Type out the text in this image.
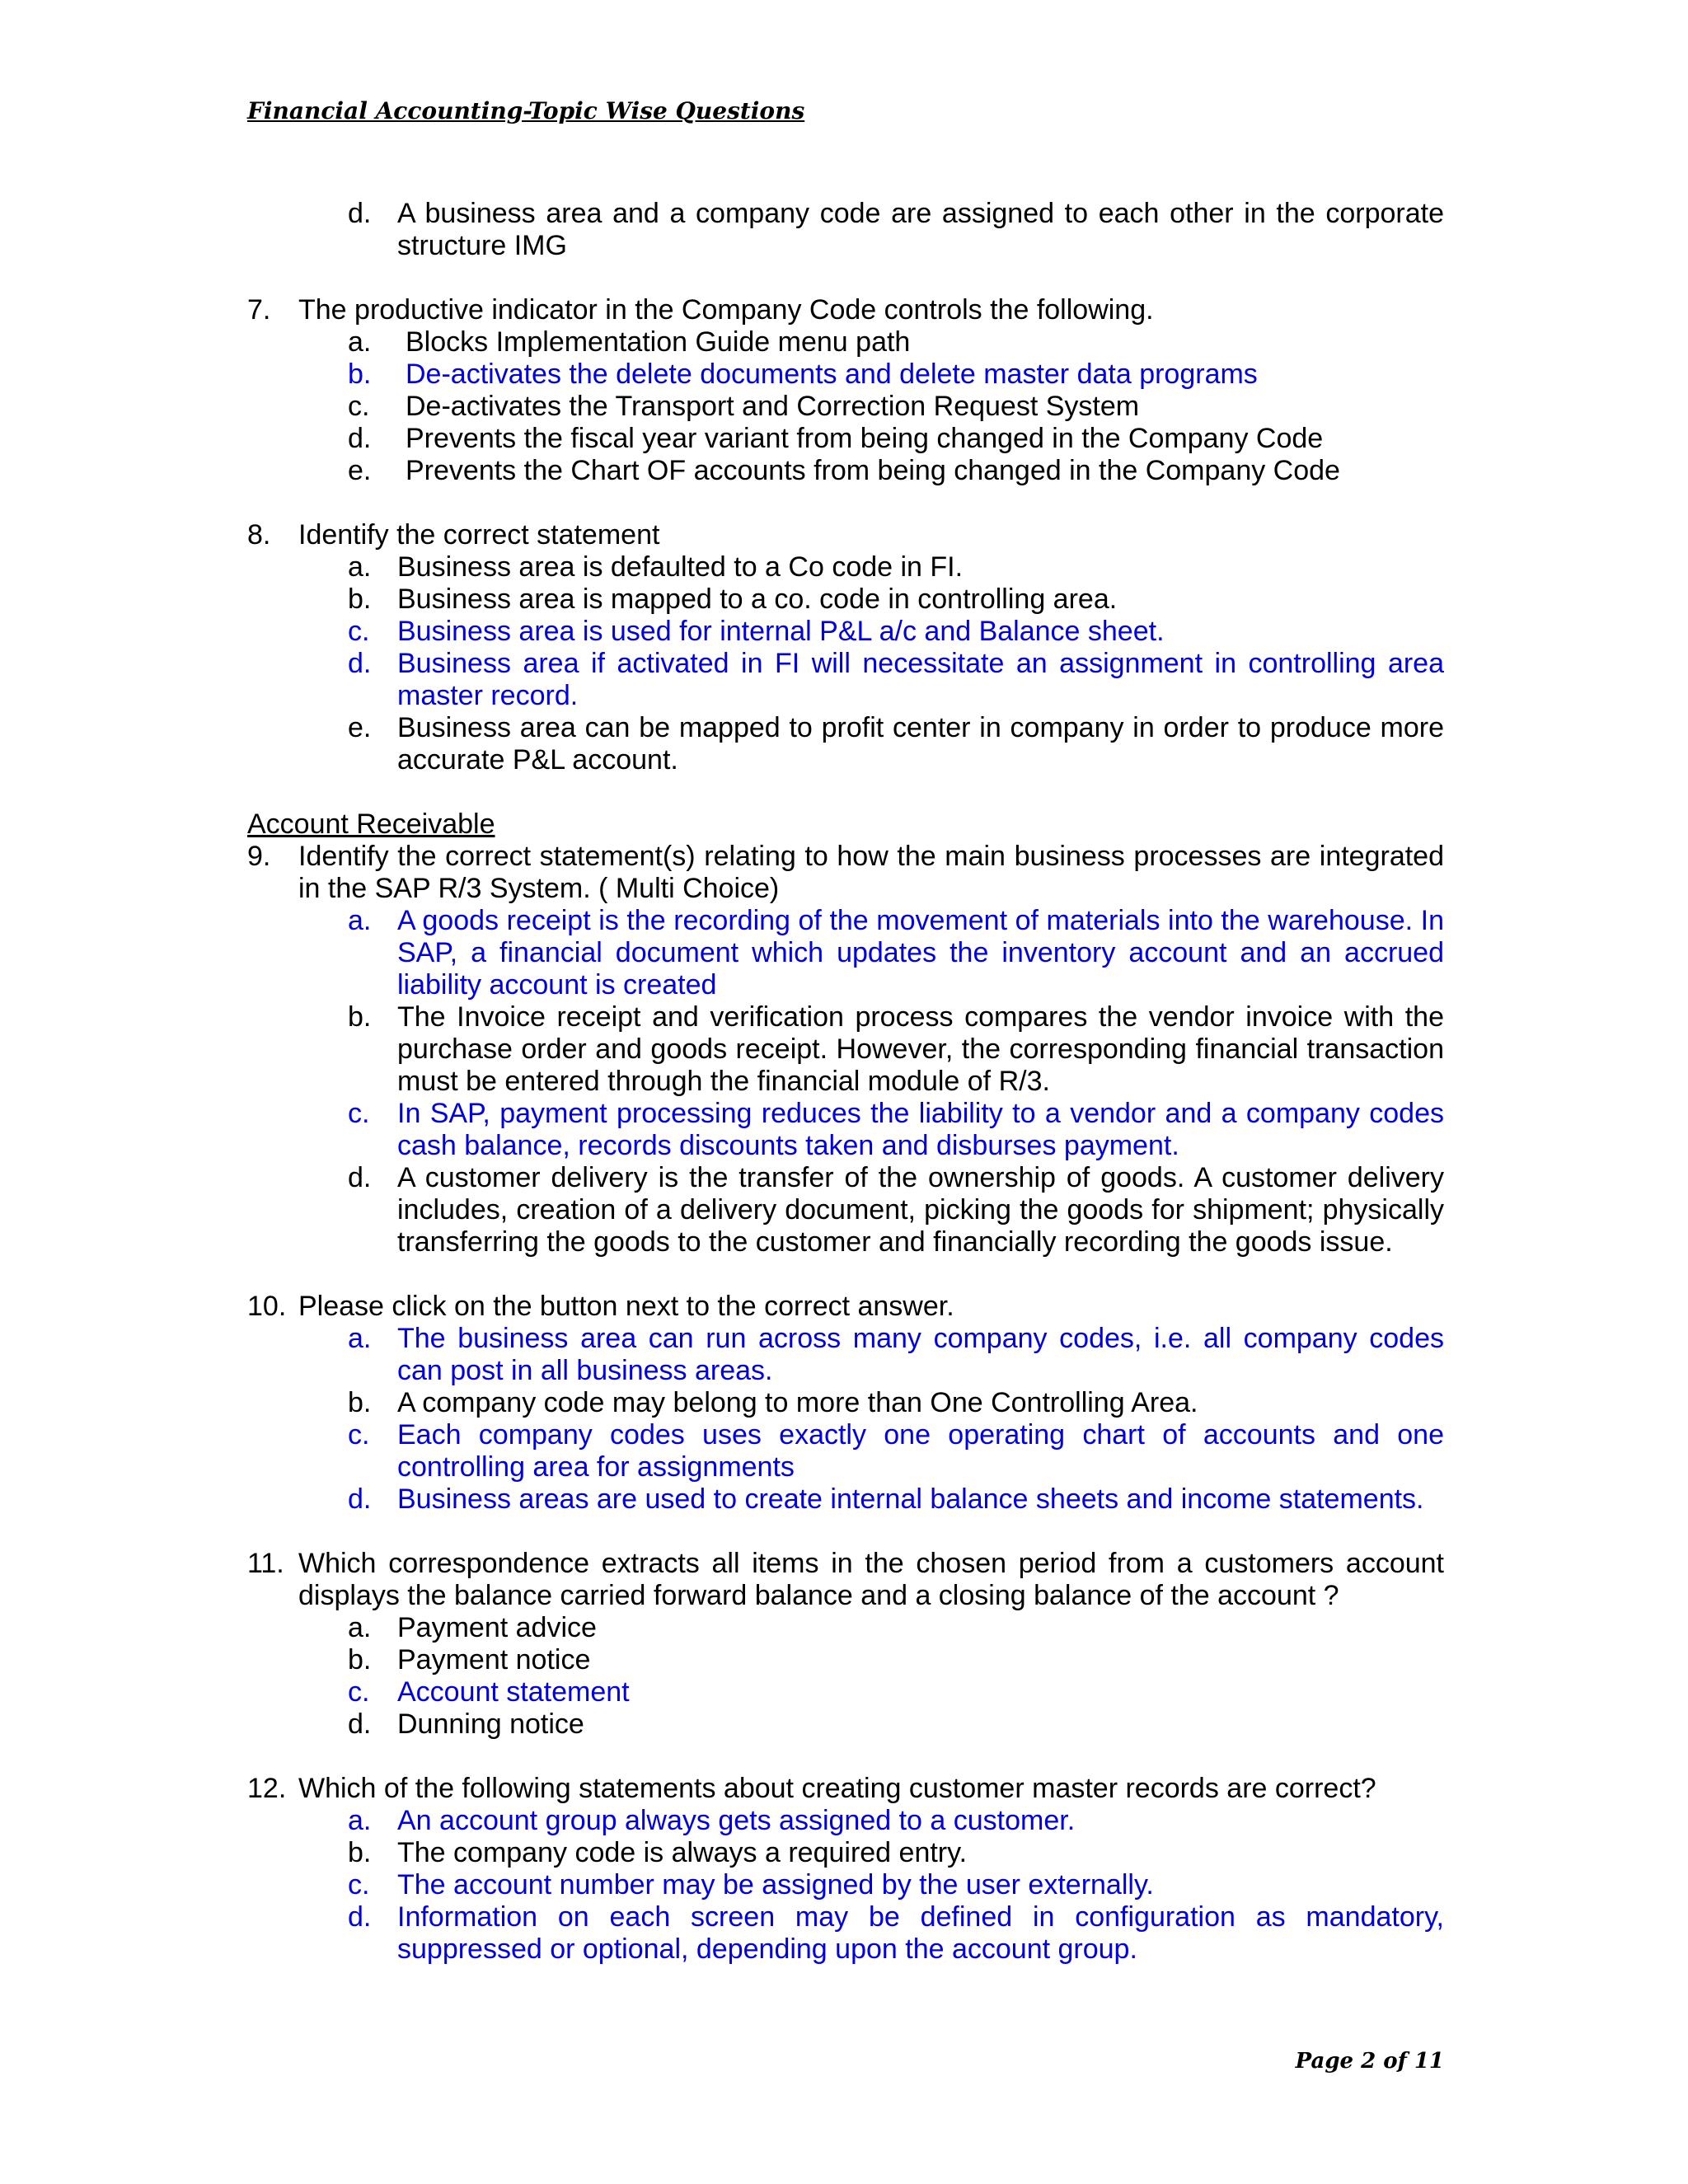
Financial Accounting-Topic Wise Questions
d. A business area and a company code are assigned to each other in the corporate structure IMG
7. The productive indicator in the Company Code controls the following.
a.	Blocks Implementation Guide menu path
b.	De-activates the delete documents and delete master data programs
c.	De-activates the Transport and Correction Request System
d.	Prevents the fiscal year variant from being changed in the Company Code
e.	Prevents the Chart OF accounts from being changed in the Company Code
8. Identify the correct statement
a. Business area is defaulted to a Co code in FI.
b. Business area is mapped to a co. code in controlling area.
c. Business area is used for internal P&L a/c and Balance sheet.
d. Business area if activated in FI will necessitate an assignment in controlling area master record.
e. Business area can be mapped to profit center in company in order to produce more accurate P&L account.
Account Receivable
9. Identify the correct statement(s) relating to how the main business processes are integrated in the SAP R/3 System. ( Multi Choice)
a. A goods receipt is the recording of the movement of materials into the warehouse. In SAP, a financial document which updates the inventory account and an accrued liability account is created
b. The Invoice receipt and verification process compares the vendor invoice with the purchase order and goods receipt. However, the corresponding financial transaction must be entered through the financial module of R/3.
c. In SAP, payment processing reduces the liability to a vendor and a company codes cash balance, records discounts taken and disburses payment.
d. A customer delivery is the transfer of the ownership of goods. A customer delivery includes, creation of a delivery document, picking the goods for shipment; physically transferring the goods to the customer and financially recording the goods issue.
10. Please click on the button next to the correct answer.
a. The business area can run across many company codes, i.e. all company codes can post in all business areas.
b. A company code may belong to more than One Controlling Area.
c. Each company codes uses exactly one operating chart of accounts and one controlling area for assignments
d. Business areas are used to create internal balance sheets and income statements.
11. Which correspondence extracts all items in the chosen period from a customers account displays the balance carried forward balance and a closing balance of the account ?
a. Payment advice
b. Payment notice
c. Account statement
d. Dunning notice
12. Which of the following statements about creating customer master records are correct?
a. An account group always gets assigned to a customer.
b. The company code is always a required entry.
c. The account number may be assigned by the user externally.
d. Information on each screen may be defined in configuration as mandatory, suppressed or optional, depending upon the account group.
Page 2 of 11
